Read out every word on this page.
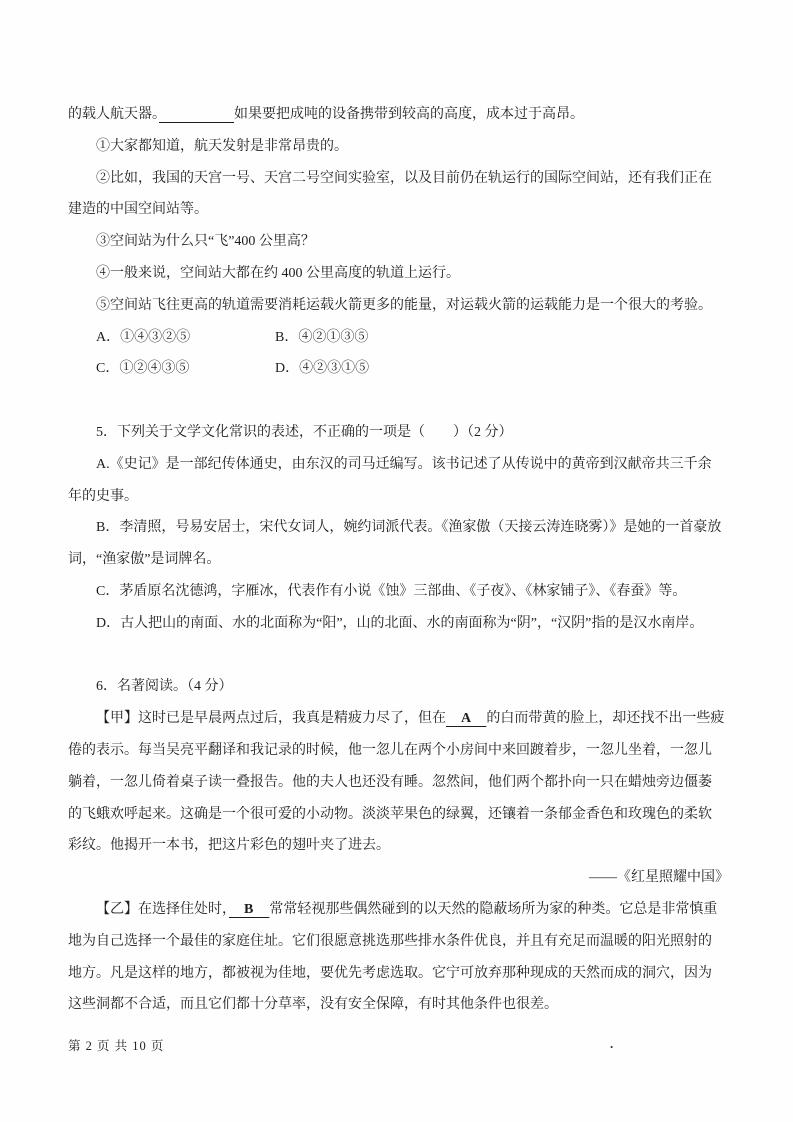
的载人航天器。　　　　　	如果要把成吨的设备携带到较高的高度，成本过于高昂。
①大家都知道，航天发射是非常昂贵的。
②比如，我国的天宫一号、天宫二号空间实验室，以及目前仍在轨运行的国际空间站，还有我们正在
建造的中国空间站等。
③空间站为什么只“飞”400 公里高？
④一般来说，空间站大都在约 400 公里高度的轨道上运行。
⑤空间站飞往更高的轨道需要消耗运载火箭更多的能量，对运载火箭的运载能力是一个很大的考验。
A．①④③②⑤	B．④②①③⑤
C．①②④③⑤	D．④②③①⑤
5．下列关于文学文化常识的表述，不正确的一项是（　　）（2 分）
A.《史记》是一部纪传体通史，由东汉的司马迁编写。该书记述了从传说中的黄帝到汉献帝共三千余
年的史事。
B．李清照，号易安居士，宋代女词人，婉约词派代表。《渔家傲（天接云涛连晓雾）》是她的一首豪放
词，“渔家傲”是词牌名。
C．茅盾原名沈德鸿，字雁冰，代表作有小说《蚀》三部曲、《子夜》、《林家铺子》、《春蚕》等。
D．古人把山的南面、水的北面称为“阳”，山的北面、水的南面称为“阴”，“汉阴”指的是汉水南岸。
6．名著阅读。（4 分）
【甲】这时已是早晨两点过后，我真是精疲力尽了，但在　A　的白而带黄的脸上，却还找不出一些疲
倦的表示。每当吴亮平翻译和我记录的时候，他一忽儿在两个小房间中来回踱着步，一忽儿坐着，一忽儿
躺着，一忽儿倚着桌子读一叠报告。他的夫人也还没有睡。忽然间，他们两个都扑向一只在蜡烛旁边僵萎
的飞蛾欢呼起来。这确是一个很可爱的小动物。淡淡苹果色的绿翼，还镶着一条郁金香色和玫瑰色的柔软
彩纹。他揭开一本书，把这片彩色的翅叶夹了进去。
——《红星照耀中国》
【乙】在选择住处时，　B　常常轻视那些偶然碰到的以天然的隐蔽场所为家的种类。它总是非常慎重
地为自己选择一个最佳的家庭住址。它们很愿意挑选那些排水条件优良，并且有充足而温暖的阳光照射的
地方。凡是这样的地方，都被视为佳地，要优先考虑选取。它宁可放弃那种现成的天然而成的洞穴，因为
这些洞都不合适，而且它们都十分草率，没有安全保障，有时其他条件也很差。
第 2 页 共 10 页	.
